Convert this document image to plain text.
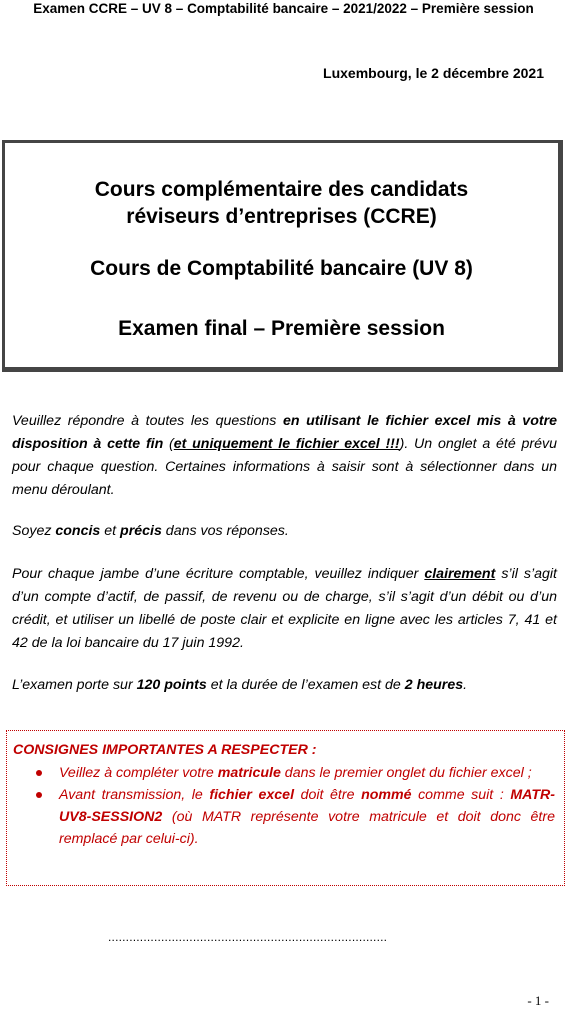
Examen CCRE – UV 8 – Comptabilité bancaire – 2021/2022 – Première session
Luxembourg, le 2 décembre 2021
Cours complémentaire des candidats
réviseurs d’entreprises (CCRE)
Cours de Comptabilité bancaire (UV 8)
Examen final – Première session
Veuillez répondre à toutes les questions en utilisant le fichier excel mis à votre disposition à cette fin (et uniquement le fichier excel !!!). Un onglet a été prévu pour chaque question. Certaines informations à saisir sont à sélectionner dans un menu déroulant.
Soyez concis et précis dans vos réponses.
Pour chaque jambe d’une écriture comptable, veuillez indiquer clairement s’il s’agit d’un compte d’actif, de passif, de revenu ou de charge, s’il s’agit d’un débit ou d’un crédit, et utiliser un libellé de poste clair et explicite en ligne avec les articles 7, 41 et 42 de la loi bancaire du 17 juin 1992.
L’examen porte sur 120 points et la durée de l’examen est de 2 heures.
CONSIGNES IMPORTANTES A RESPECTER :
Veillez à compléter votre matricule dans le premier onglet du fichier excel ;
Avant transmission, le fichier excel doit être nommé comme suit : MATR-UV8-SESSION2 (où MATR représente votre matricule et doit donc être remplacé par celui-ci).
...............................................................................
- 1 -
